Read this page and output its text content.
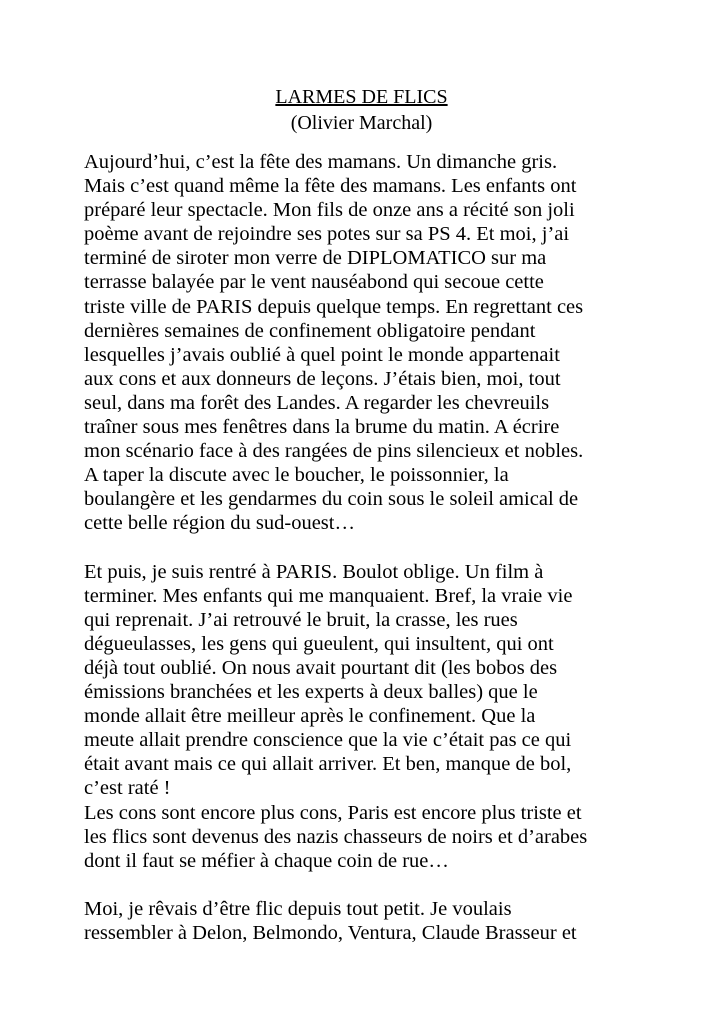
LARMES DE FLICS
(Olivier Marchal)
Aujourd’hui, c’est la fête des mamans. Un dimanche gris.
Mais c’est quand même la fête des mamans. Les enfants ont
préparé leur spectacle. Mon fils de onze ans a récité son joli
poème avant de rejoindre ses potes sur sa PS 4. Et moi, j’ai
terminé de siroter mon verre de DIPLOMATICO sur ma
terrasse balayée par le vent nauséabond qui secoue cette
triste ville de PARIS depuis quelque temps. En regrettant ces
dernières semaines de confinement obligatoire pendant
lesquelles j’avais oublié à quel point le monde appartenait
aux cons et aux donneurs de leçons. J’étais bien, moi, tout
seul, dans ma forêt des Landes. A regarder les chevreuils
traîner sous mes fenêtres dans la brume du matin. A écrire
mon scénario face à des rangées de pins silencieux et nobles.
A taper la discute avec le boucher, le poissonnier, la
boulangère et les gendarmes du coin sous le soleil amical de
cette belle région du sud-ouest…
Et puis, je suis rentré à PARIS. Boulot oblige. Un film à
terminer. Mes enfants qui me manquaient. Bref, la vraie vie
qui reprenait. J’ai retrouvé le bruit, la crasse, les rues
dégueulasses, les gens qui gueulent, qui insultent, qui ont
déjà tout oublié. On nous avait pourtant dit (les bobos des
émissions branchées et les experts à deux balles) que le
monde allait être meilleur après le confinement. Que la
meute allait prendre conscience que la vie c’était pas ce qui
était avant mais ce qui allait arriver. Et ben, manque de bol,
c’est raté !
Les cons sont encore plus cons, Paris est encore plus triste et
les flics sont devenus des nazis chasseurs de noirs et d’arabes
dont il faut se méfier à chaque coin de rue…
Moi, je rêvais d’être flic depuis tout petit. Je voulais
ressembler à Delon, Belmondo, Ventura, Claude Brasseur et
